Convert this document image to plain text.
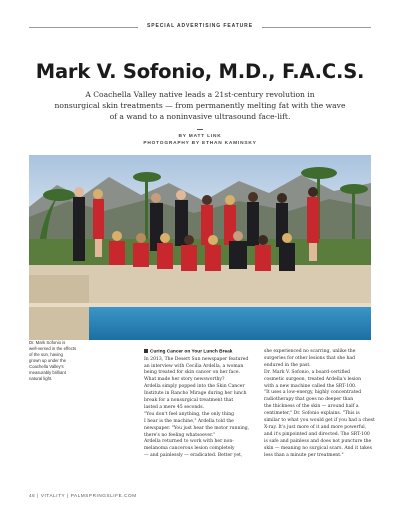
SPECIAL ADVERTISING FEATURE
Mark V. Sofonio, M.D., F.A.C.S.
A Coachella Valley native leads a 21st-century revolution in
nonsurgical skin treatments — from permanently melting fat with the wave
of a wand to a noninvasive ultrasound face-lift.
BY MATT LINK
PHOTOGRAPHY BY ETHAN KAMINSKY
Dr. Mark Sofonio is
well-versed in the effects
of the sun, having
grown up under the
Coachella Valley's
measurably brilliant
natural light.
Curing Cancer on Your Lunch Break
In 2013, The Desert Sun newspaper featured
an interview with Cecilia Ardella, a woman
being treated for skin cancer on her face.
What made her story newsworthy?
Ardella simply popped into the Skin Cancer
Institute in Rancho Mirage during her lunch
break for a nonsurgical treatment that
lasted a mere 45 seconds.
"You don't feel anything, the only thing
I hear is the machine," Ardella told the
newspaper. "You just hear the motor running,
there's no feeling whatsoever."
Ardella returned to work with her non-
melanoma cancerous lesion completely
— and painlessly — eradicated. Better yet,
she experienced no scarring, unlike the
surgeries for other lesions that she had
endured in the past.
Dr. Mark V. Sofonio, a board-certified
cosmetic surgeon, treated Ardella's lesion
with a new machine called the SRT-100.
"It uses a low-energy, highly concentrated
radiotherapy that goes no deeper than
the thickness of the skin — around half a
centimeter," Dr. Sofonio explains. "This is
similar to what you would get if you had a chest
X-ray. It's just more of it and more powerful,
and it's pinpointed and directed. The SRT-100
is safe and painless and does not puncture the
skin — meaning no surgical scars. And it takes
less than a minute per treatment."
46 | VITALITY | PALMSPRINGSLIFE.COM
